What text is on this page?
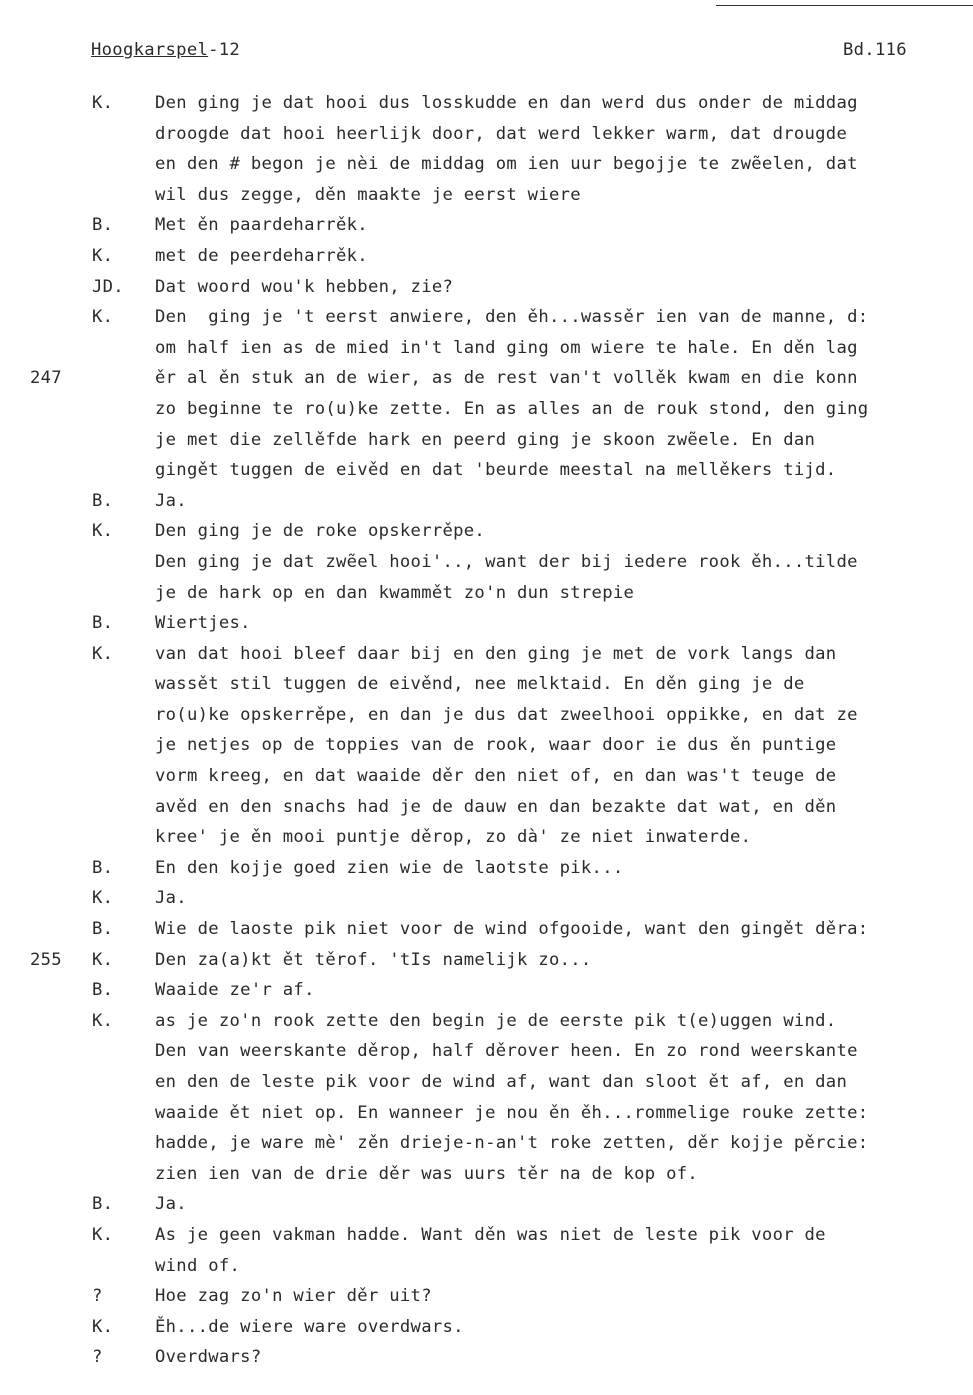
Hoogkarspel-12	Bd.116
K. Den ging je dat hooi dus losskudde en dan werd dus onder de middag
droogde dat hooi heerlijk door, dat werd lekker warm, dat drougde
en den # begon je nèi de middag om ien uur begojje te zwẽelen, dat
wil dus zegge, děn maakte je eerst wiere
B. Met ěn paardeharrěk.
K. met de peerdeharrěk.
JD. Dat woord wou'k hebben, zie?
K. Den  ging je 't eerst anwiere, den ěh...wassěr ien van de manne, d:
om half ien as de mied in't land ging om wiere te hale. En děn lag
247	ěr al ěn stuk an de wier, as de rest van't vollěk kwam en die konn
zo beginne te ro(u)ke zette. En as alles an de rouk stond, den ging
je met die zellěfde hark en peerd ging je skoon zwẽele. En dan
gingět tuggen de eivěd en dat 'beurde meestal na mellěkers tijd.
B. Ja.
K. Den ging je de roke opskerrěpe.
Den ging je dat zwẽel hooi'.., want der bij iedere rook ěh...tilde
je de hark op en dan kwammět zo'n dun strepie
B. Wiertjes.
K. van dat hooi bleef daar bij en den ging je met de vork langs dan
wassět stil tuggen de eivěnd, nee melktaid. En děn ging je de
ro(u)ke opskerrěpe, en dan je dus dat zweelhooi oppikke, en dat ze
je netjes op de toppies van de rook, waar door ie dus ěn puntige
vorm kreeg, en dat waaide děr den niet of, en dan was't teuge de
avěd en den snachs had je de dauw en dan bezakte dat wat, en děn
kree' je ěn mooi puntje děrop, zo dà' ze niet inwaterde.
B. En den kojje goed zien wie de laotste pik...
K. Ja.
B. Wie de laoste pik niet voor de wind ofgooide, want den gingět děra:
K.
255	Den za(a)kt ět těrof. 'tIs namelijk zo...
B. Waaide ze'r af.
K. as je zo'n rook zette den begin je de eerste pik t(e)uggen wind.
Den van weerskante děrop, half děrover heen. En zo rond weerskante
en den de leste pik voor de wind af, want dan sloot ět af, en dan
waaide ět niet op. En wanneer je nou ěn ěh...rommelige rouke zette:
hadde, je ware mè' zěn drieje-n-an't roke zetten, děr kojje pěrcie:
zien ien van de drie děr was uurs těr na de kop of.
B. Ja.
K. As je geen vakman hadde. Want děn was niet de leste pik voor de
wind of.
?	Hoe zag zo'n wier děr uit?
K. Ěh...de wiere ware overdwars.
?	Overdwars?
